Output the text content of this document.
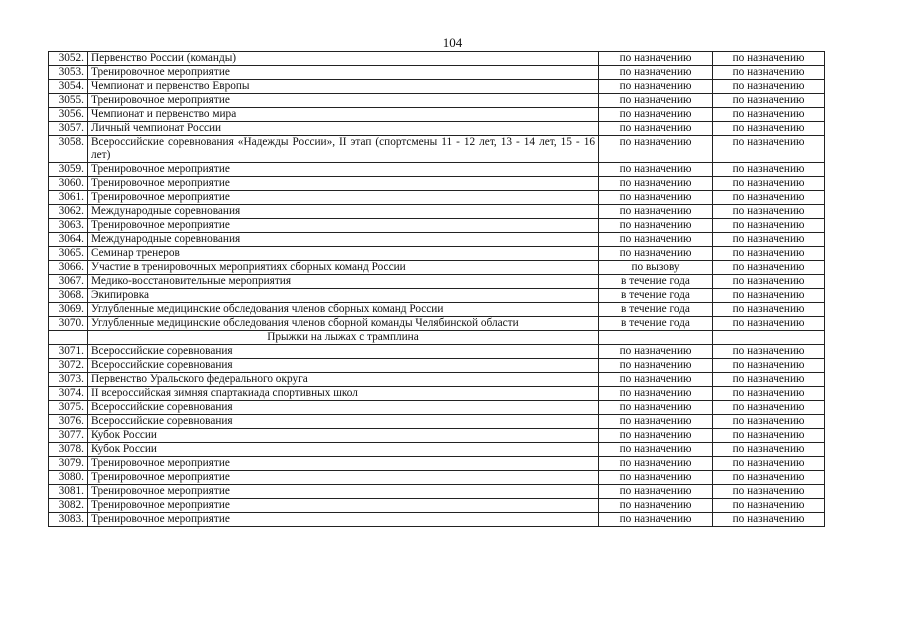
104
3052.	Первенство России (команды)	по назначению	по назначению
3053.	Тренировочное мероприятие	по назначению	по назначению
3054.	Чемпионат и первенство Европы	по назначению	по назначению
3055.	Тренировочное мероприятие	по назначению	по назначению
3056.	Чемпионат и первенство мира	по назначению	по назначению
3057.	Личный чемпионат России	по назначению	по назначению
3058.	Всероссийские соревнования «Надежды России», II этап (спортсмены 11 - 12 лет, 13 - 14 лет, 15 - 16 лет)	по назначению	по назначению
3059.	Тренировочное мероприятие	по назначению	по назначению
3060.	Тренировочное мероприятие	по назначению	по назначению
3061.	Тренировочное мероприятие	по назначению	по назначению
3062.	Международные соревнования	по назначению	по назначению
3063.	Тренировочное мероприятие	по назначению	по назначению
3064.	Международные соревнования	по назначению	по назначению
3065.	Семинар тренеров	по назначению	по назначению
3066.	Участие в тренировочных мероприятиях сборных команд России	по вызову	по назначению
3067.	Медико-восстановительные мероприятия	в течение года	по назначению
3068.	Экипировка	в течение года	по назначению
3069.	Углубленные медицинские обследования членов сборных команд России	в течение года	по назначению
3070.	Углубленные медицинские обследования членов сборной команды Челябинской области	в течение года	по назначению
	Прыжки на лыжах с трамплина		
3071.	Всероссийские соревнования	по назначению	по назначению
3072.	Всероссийские соревнования	по назначению	по назначению
3073.	Первенство Уральского федерального округа	по назначению	по назначению
3074.	II всероссийская зимняя спартакиада спортивных школ	по назначению	по назначению
3075.	Всероссийские соревнования	по назначению	по назначению
3076.	Всероссийские соревнования	по назначению	по назначению
3077.	Кубок России	по назначению	по назначению
3078.	Кубок России	по назначению	по назначению
3079.	Тренировочное мероприятие	по назначению	по назначению
3080.	Тренировочное мероприятие	по назначению	по назначению
3081.	Тренировочное мероприятие	по назначению	по назначению
3082.	Тренировочное мероприятие	по назначению	по назначению
3083.	Тренировочное мероприятие	по назначению	по назначению
